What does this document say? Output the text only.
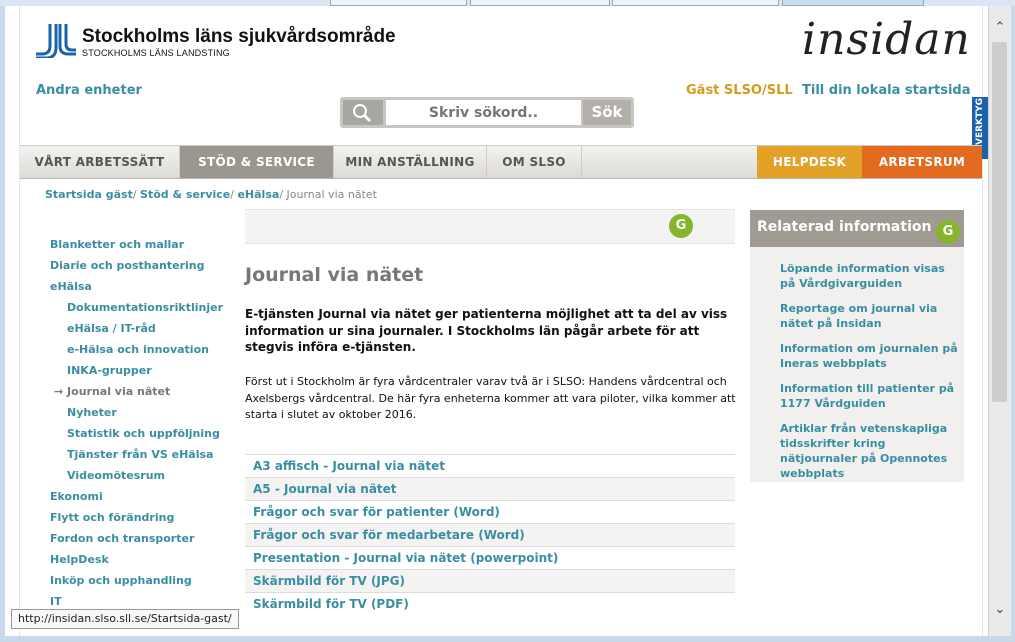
Stockholms läns sjukvårdsområde
STOCKHOLMS LÄNS LANDSTING	insidan
Andra enheter	Gäst SLSO/SLL Till din lokala startsida
Skriv sökord..
Sök	VERKTYG
VÅRT ARBETSSÄTT	STÖD & SERVICE	MIN ANSTÄLLNING	OM SLSO	HELPDESK	ARBETSRUM
Startsida gäst/ Stöd & service/ eHälsa/ Journal via nätet
Blanketter och mallar
Diarie och posthantering
eHälsa
Dokumentationsriktlinjer
eHälsa / IT-råd
e-Hälsa och innovation
INKA-grupper
→ Journal via nätet
Nyheter
Statistik och uppföljning
Tjänster från VS eHälsa
Videomötesrum
Ekonomi
Flytt och förändring
Fordon och transporter
HelpDesk
Inköp och upphandling
IT
G
Journal via nätet
E-tjänsten Journal via nätet ger patienterna möjlighet att ta del av viss information ur sina journaler. I Stockholms län pågår arbete för att stegvis införa e-tjänsten.
Först ut i Stockholm är fyra vårdcentraler varav två är i SLSO: Handens vårdcentral och Axelsbergs vårdcentral. De här fyra enheterna kommer att vara piloter, vilka kommer att starta i slutet av oktober 2016.
A3 affisch - Journal via nätet
A5 - Journal via nätet
Frågor och svar för patienter (Word)
Frågor och svar för medarbetare (Word)
Presentation - Journal via nätet (powerpoint)
Skärmbild för TV (JPG)
Skärmbild för TV (PDF)
Relaterad information G
Löpande information visas på Vårdgivarguiden
Reportage om journal via nätet på Insidan
Information om journalen på Ineras webbplats
Information till patienter på 1177 Vårdguiden
Artiklar från vetenskapliga tidsskrifter kring nätjournaler på Opennotes webbplats
⌃
⌄
http://insidan.slso.sll.se/Startsida-gast/
